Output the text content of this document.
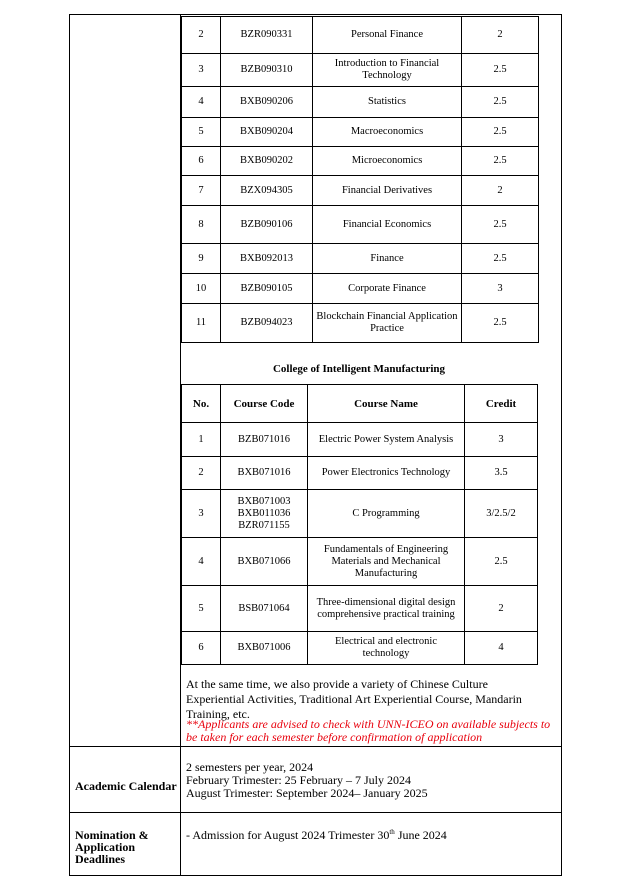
2	BZR090331	Personal Finance	2
3	BZB090310	Introduction to Financial Technology	2.5
4	BXB090206	Statistics	2.5
5	BXB090204	Macroeconomics	2.5
6	BXB090202	Microeconomics	2.5
7	BZX094305	Financial Derivatives	2
8	BZB090106	Financial Economics	2.5
9	BXB092013	Finance	2.5
10	BZB090105	Corporate Finance	3
11	BZB094023	Blockchain Financial Application Practice	2.5
College of Intelligent Manufacturing
No.	Course Code	Course Name	Credit
1	BZB071016	Electric Power System Analysis	3
2	BXB071016	Power Electronics Technology	3.5
3	BXB071003
BXB011036
BZR071155	C Programming	3/2.5/2
4	BXB071066	Fundamentals of Engineering Materials and Mechanical Manufacturing	2.5
5	BSB071064	Three-dimensional digital design comprehensive practical training	2
6	BXB071006	Electrical and electronic technology	4
At the same time, we also provide a variety of Chinese Culture Experiential Activities, Traditional Art Experiential Course, Mandarin Training, etc.
**Applicants are advised to check with UNN-ICEO on available subjects to be taken for each semester before confirmation of application
Academic Calendar
2 semesters per year, 2024
February Trimester: 25 February – 7 July 2024
August Trimester: September 2024– January 2025
Nomination & Application Deadlines
- Admission for August 2024 Trimester 30th June 2024
